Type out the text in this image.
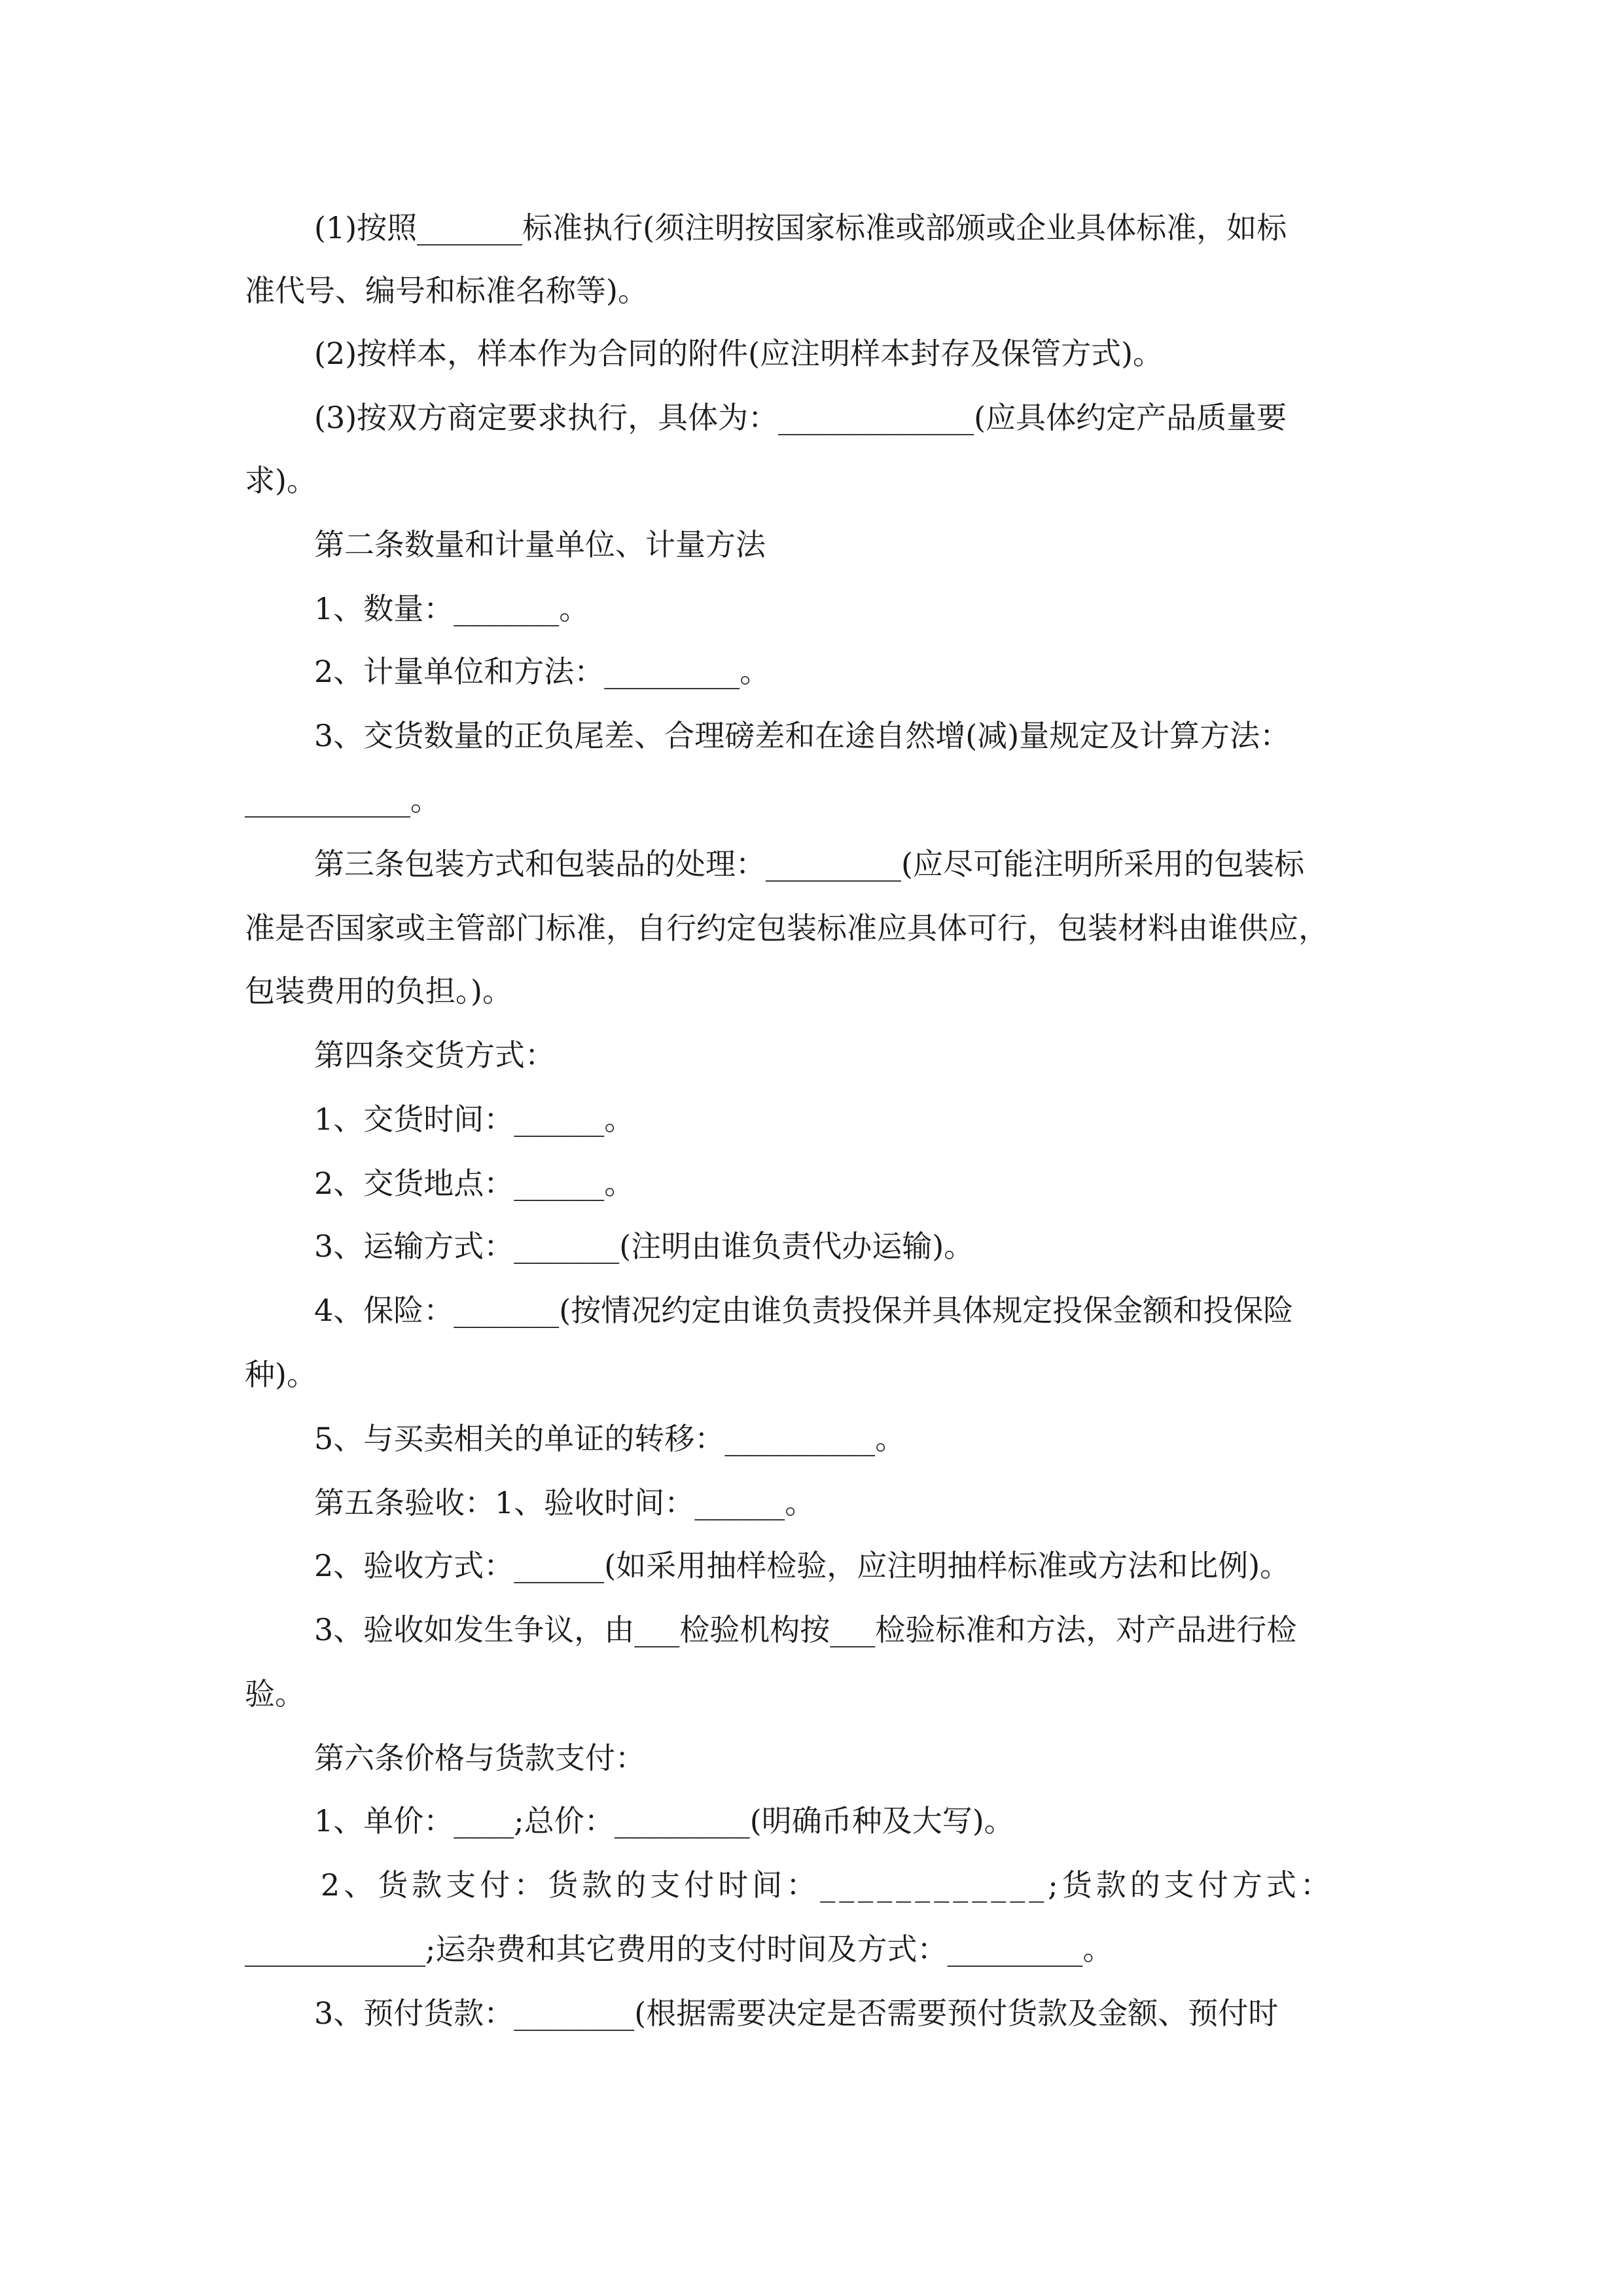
(1)按照_______标准执行(须注明按国家标准或部颁或企业具体标准，如标
准代号、编号和标准名称等)。
(2)按样本，样本作为合同的附件(应注明样本封存及保管方式)。
(3)按双方商定要求执行，具体为：_____________(应具体约定产品质量要
求)。
第二条数量和计量单位、计量方法
1、数量：_______。
2、计量单位和方法：_________。
3、交货数量的正负尾差、合理磅差和在途自然增(减)量规定及计算方法：
___________。
第三条包装方式和包装品的处理：_________(应尽可能注明所采用的包装标
准是否国家或主管部门标准，自行约定包装标准应具体可行，包装材料由谁供应，
包装费用的负担。)。
第四条交货方式：
1、交货时间：______。
2、交货地点：______。
3、运输方式：_______(注明由谁负责代办运输)。
4、保险：_______(按情况约定由谁负责投保并具体规定投保金额和投保险
种)。
5、与买卖相关的单证的转移：__________。
第五条验收：1、验收时间：______。
2、验收方式：______(如采用抽样检验，应注明抽样标准或方法和比例)。
3、验收如发生争议，由___检验机构按___检验标准和方法，对产品进行检
验。
第六条价格与货款支付：
1、单价：____;总价：_________(明确币种及大写)。
2、货款支付：货款的支付时间：____________;货款的支付方式：
____________;运杂费和其它费用的支付时间及方式：_________。
3、预付货款：________(根据需要决定是否需要预付货款及金额、预付时
